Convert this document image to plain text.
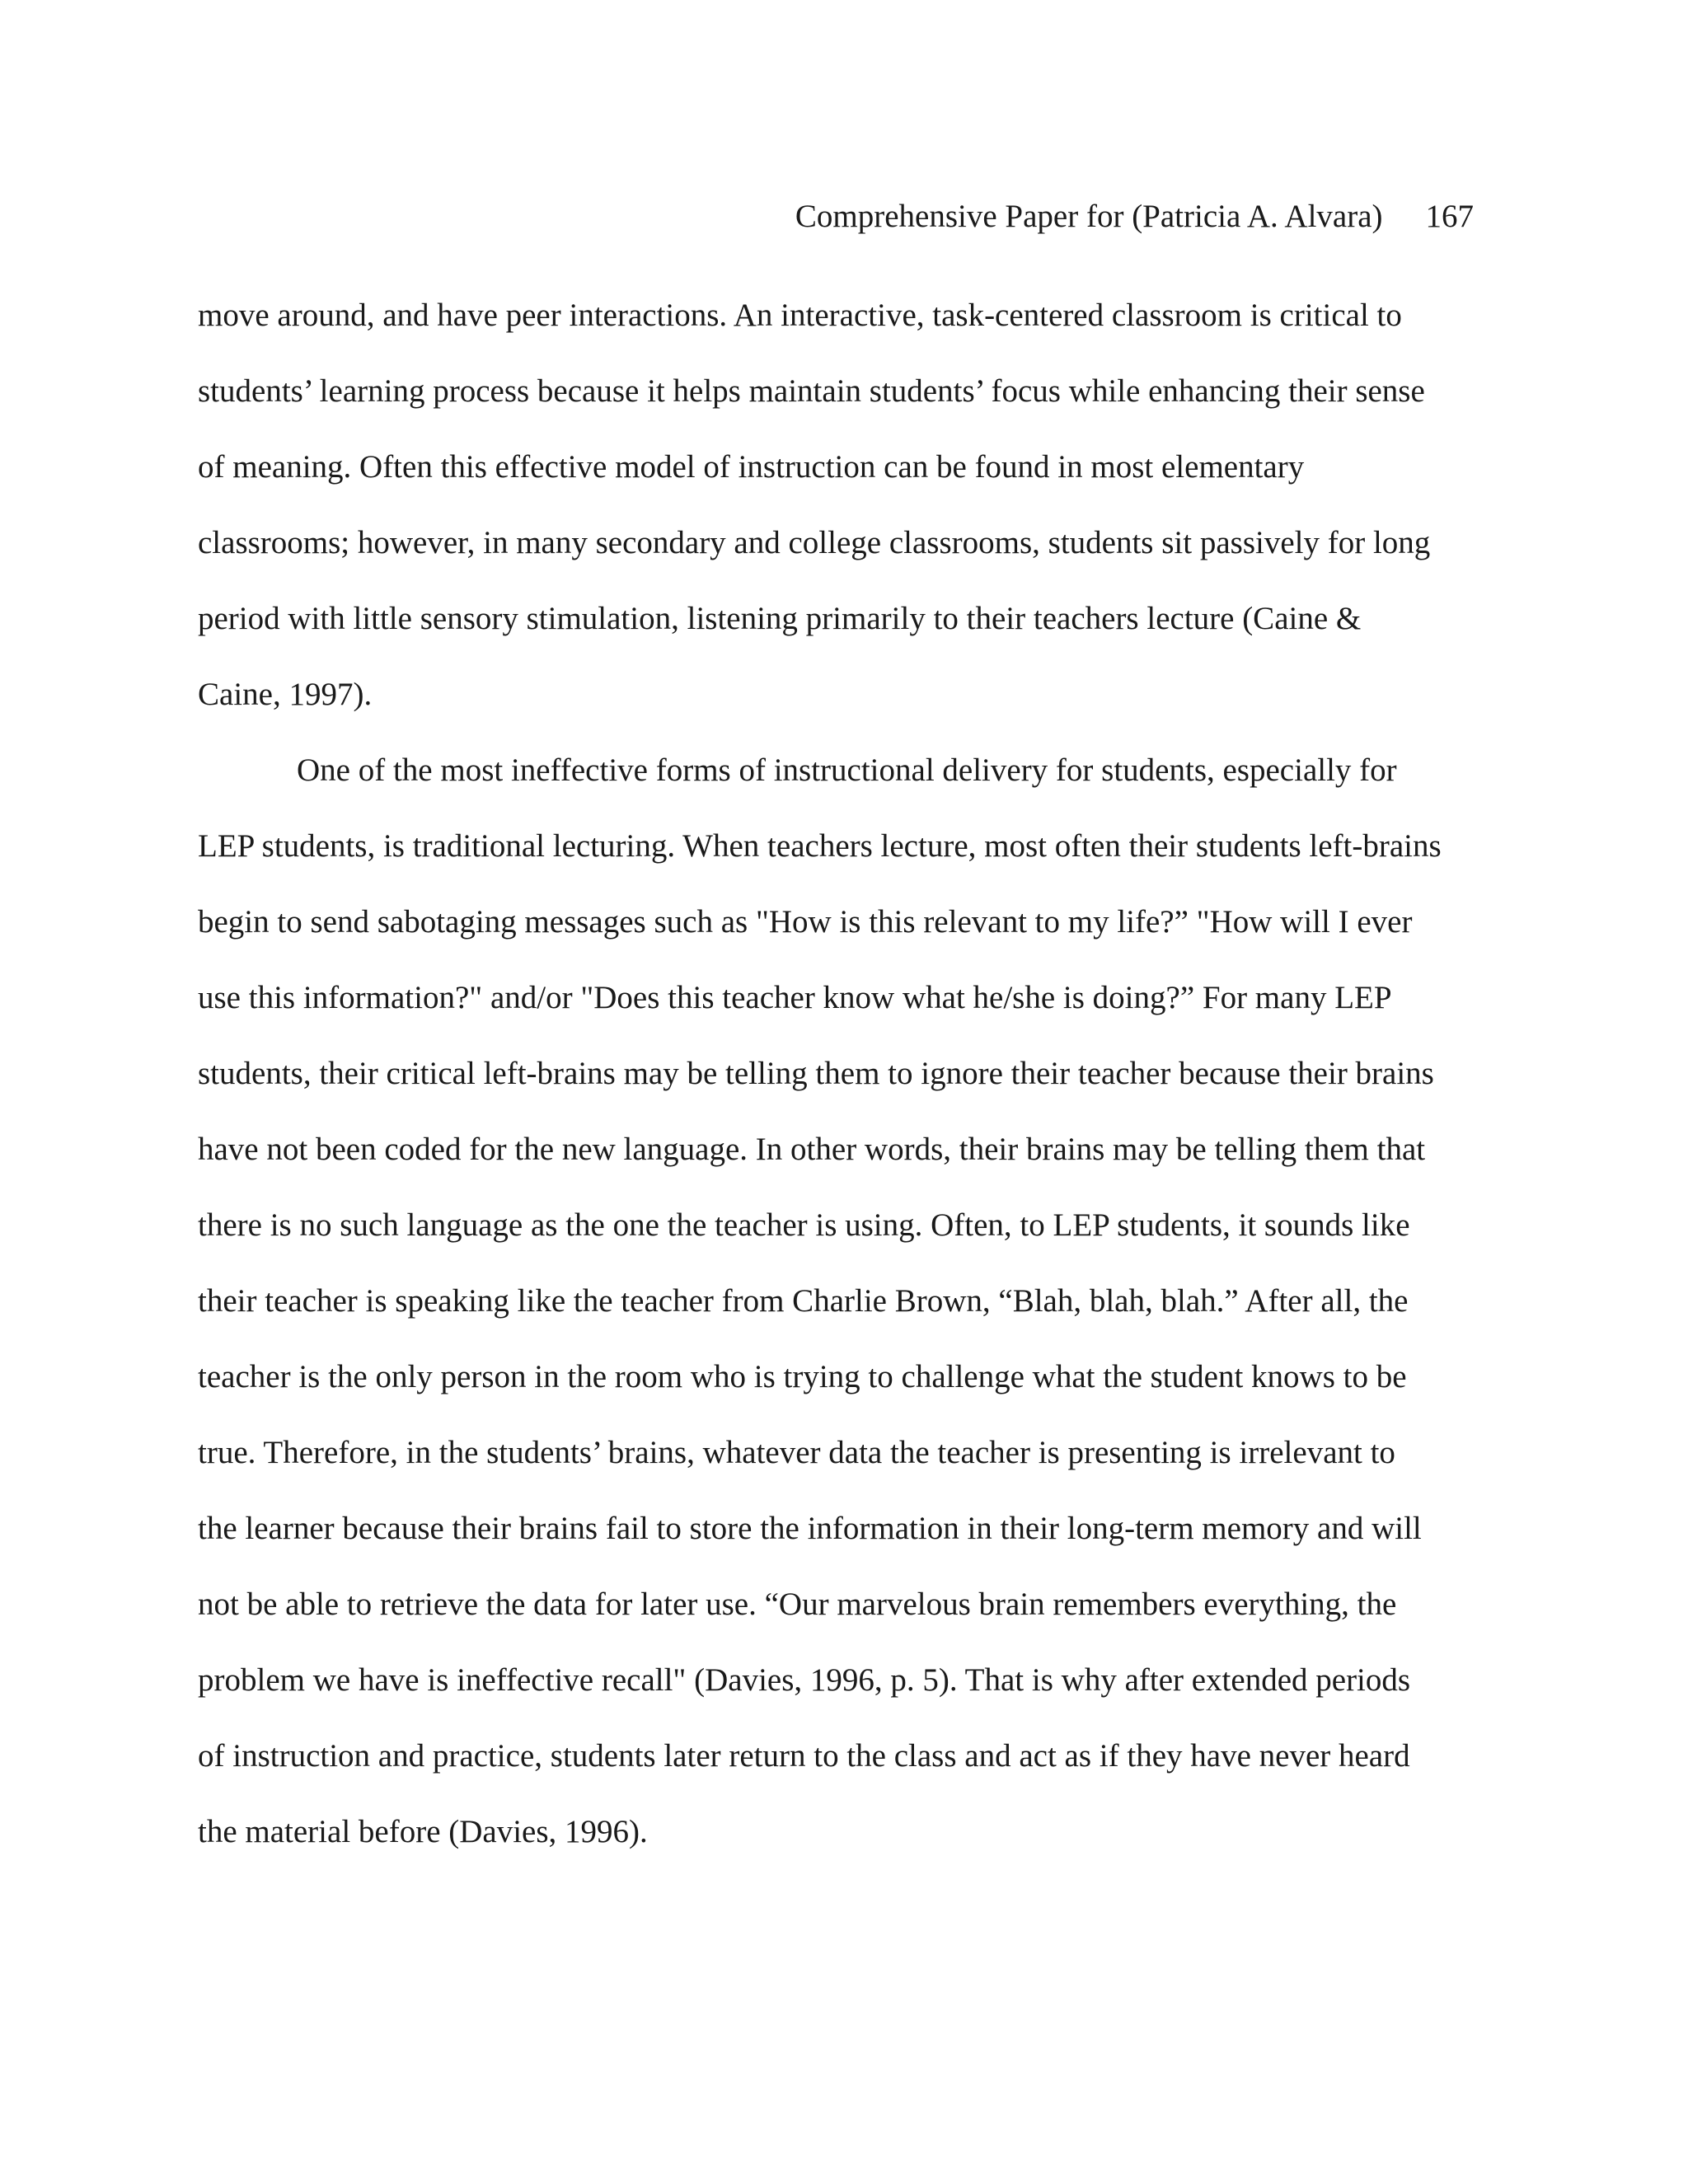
Comprehensive Paper for (Patricia A. Alvara) 167
move around, and have peer interactions. An interactive, task-centered classroom is critical to
students’ learning process because it helps maintain students’ focus while enhancing their sense
of meaning. Often this effective model of instruction can be found in most elementary
classrooms; however, in many secondary and college classrooms, students sit passively for long
period with little sensory stimulation, listening primarily to their teachers lecture (Caine &
Caine, 1997).
One of the most ineffective forms of instructional delivery for students, especially for
LEP students, is traditional lecturing. When teachers lecture, most often their students left-brains
begin to send sabotaging messages such as "How is this relevant to my life?” "How will I ever
use this information?" and/or "Does this teacher know what he/she is doing?” For many LEP
students, their critical left-brains may be telling them to ignore their teacher because their brains
have not been coded for the new language. In other words, their brains may be telling them that
there is no such language as the one the teacher is using. Often, to LEP students, it sounds like
their teacher is speaking like the teacher from Charlie Brown, “Blah, blah, blah.” After all, the
teacher is the only person in the room who is trying to challenge what the student knows to be
true. Therefore, in the students’ brains, whatever data the teacher is presenting is irrelevant to
the learner because their brains fail to store the information in their long-term memory and will
not be able to retrieve the data for later use. “Our marvelous brain remembers everything, the
problem we have is ineffective recall" (Davies, 1996, p. 5). That is why after extended periods
of instruction and practice, students later return to the class and act as if they have never heard
the material before (Davies, 1996).
